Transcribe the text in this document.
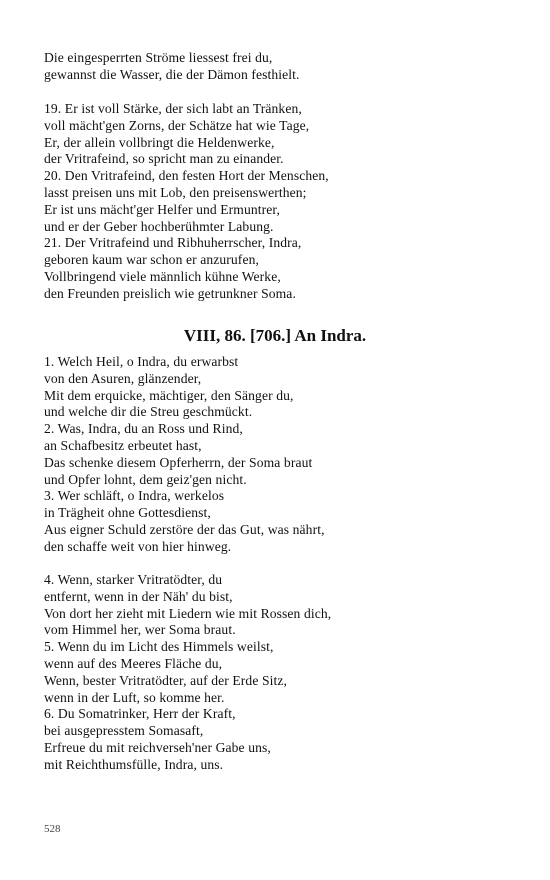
Die eingesperrten Ströme liessest frei du,
gewannst die Wasser, die der Dämon festhielt.
19. Er ist voll Stärke, der sich labt an Tränken,
voll mächt'gen Zorns, der Schätze hat wie Tage,
Er, der allein vollbringt die Heldenwerke,
der Vritrafeind, so spricht man zu einander.
20. Den Vritrafeind, den festen Hort der Menschen,
lasst preisen uns mit Lob, den preisenswerthen;
Er ist uns mächt'ger Helfer und Ermuntrer,
und er der Geber hochberühmter Labung.
21. Der Vritrafeind und Ribhuherrscher, Indra,
geboren kaum war schon er anzurufen,
Vollbringend viele männlich kühne Werke,
den Freunden preislich wie getrunkner Soma.
VIII, 86. [706.] An Indra.
1. Welch Heil, o Indra, du erwarbst
von den Asuren, glänzender,
Mit dem erquicke, mächtiger, den Sänger du,
und welche dir die Streu geschmückt.
2. Was, Indra, du an Ross und Rind,
an Schafbesitz erbeutet hast,
Das schenke diesem Opferherrn, der Soma braut
und Opfer lohnt, dem geiz'gen nicht.
3. Wer schläft, o Indra, werkelos
in Trägheit ohne Gottesdienst,
Aus eigner Schuld zerstöre der das Gut, was nährt,
den schaffe weit von hier hinweg.
4. Wenn, starker Vritratödter, du
entfernt, wenn in der Näh' du bist,
Von dort her zieht mit Liedern wie mit Rossen dich,
vom Himmel her, wer Soma braut.
5. Wenn du im Licht des Himmels weilst,
wenn auf des Meeres Fläche du,
Wenn, bester Vritratödter, auf der Erde Sitz,
wenn in der Luft, so komme her.
6. Du Somatrinker, Herr der Kraft,
bei ausgepresstem Somasaft,
Erfreue du mit reichverseh'ner Gabe uns,
mit Reichthumsfülle, Indra, uns.
528
